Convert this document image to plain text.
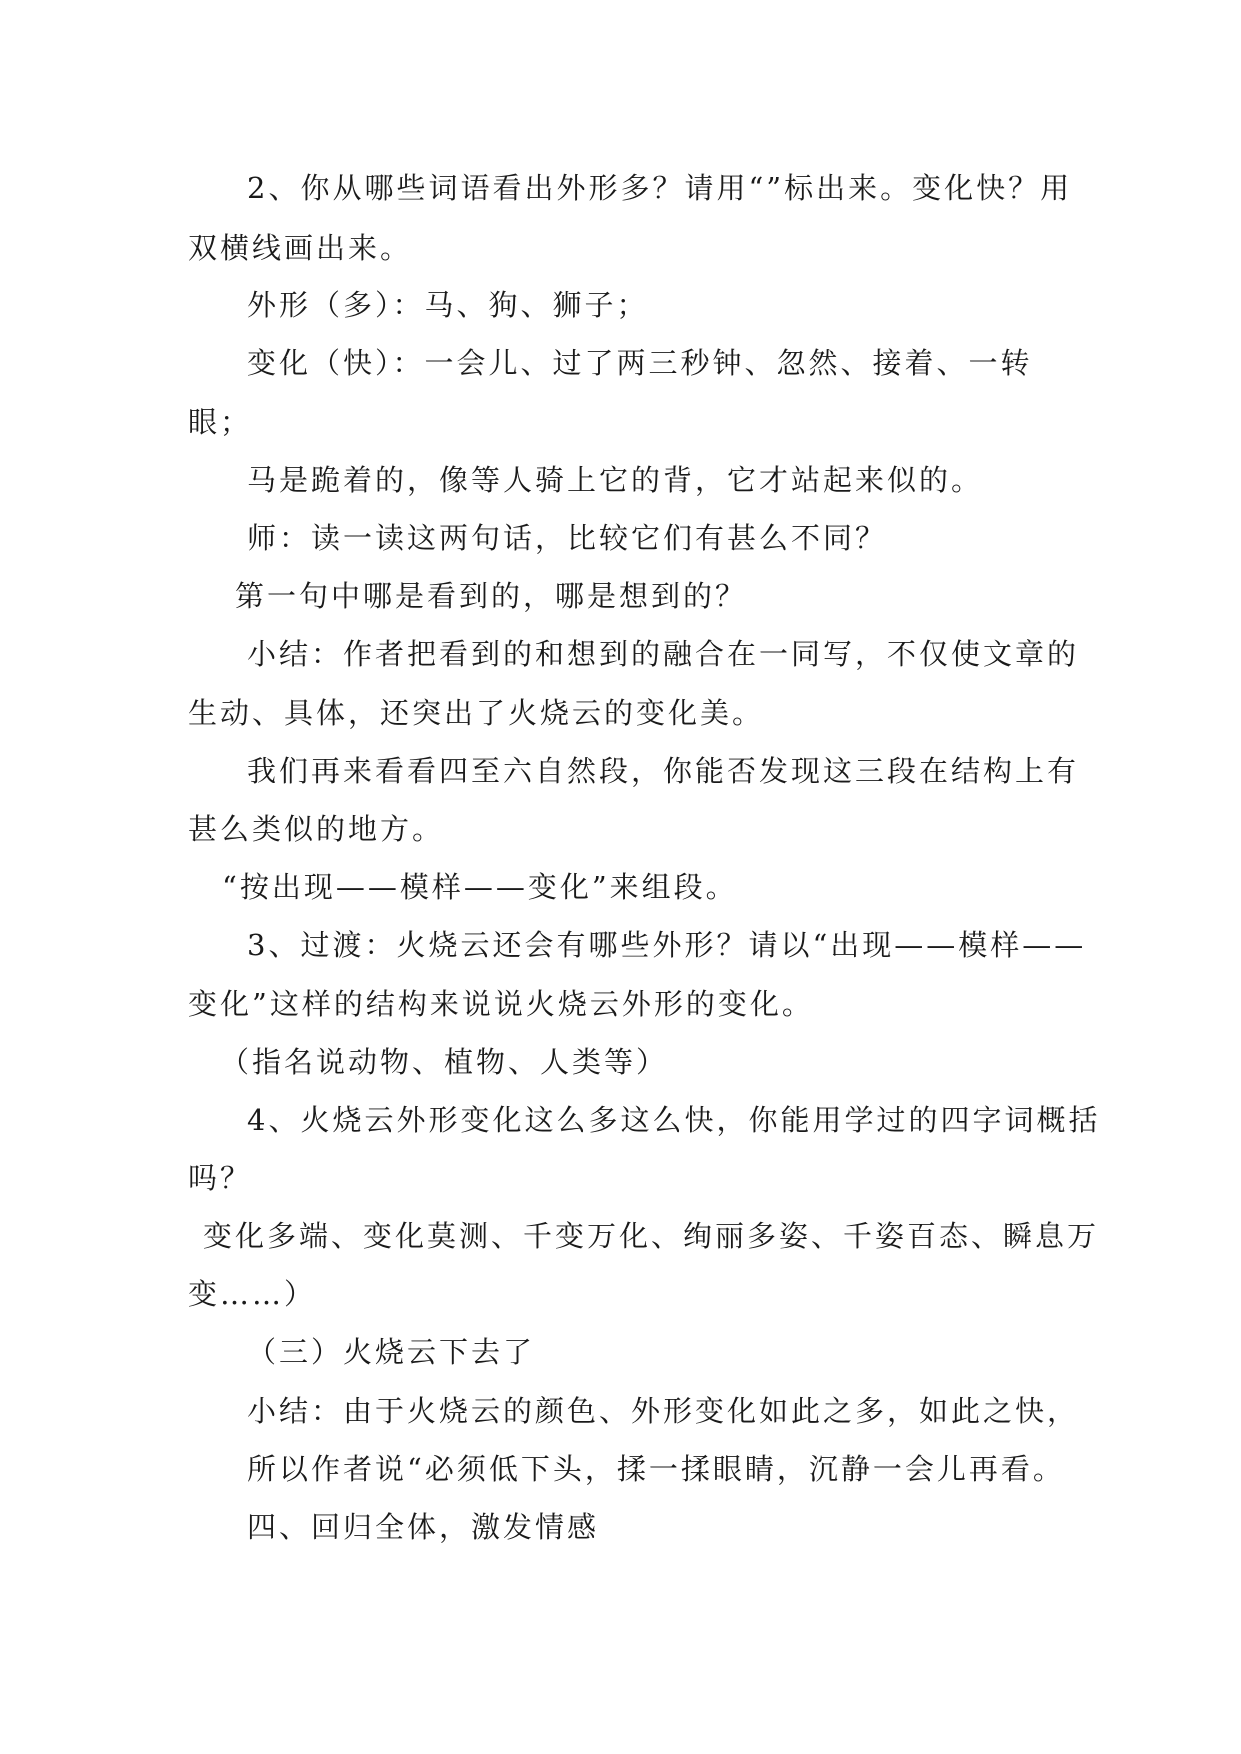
2、你从哪些词语看出外形多？请用“”标出来。变化快？用
双横线画出来。
外形（多）：马、狗、狮子；
变化（快）：一会儿、过了两三秒钟、忽然、接着、一转
眼；
马是跪着的，像等人骑上它的背，它才站起来似的。
师：读一读这两句话，比较它们有甚么不同？
第一句中哪是看到的，哪是想到的？
小结：作者把看到的和想到的融合在一同写，不仅使文章的
生动、具体，还突出了火烧云的变化美。
我们再来看看四至六自然段，你能否发现这三段在结构上有
甚么类似的地方。
“按出现——模样——变化”来组段。
3、过渡：火烧云还会有哪些外形？请以“出现——模样——
变化”这样的结构来说说火烧云外形的变化。
（指名说动物、植物、人类等）
4、火烧云外形变化这么多这么快，你能用学过的四字词概括
吗？
变化多端、变化莫测、千变万化、绚丽多姿、千姿百态、瞬息万
变……）
（三）火烧云下去了
小结：由于火烧云的颜色、外形变化如此之多，如此之快，
所以作者说“必须低下头，揉一揉眼睛，沉静一会儿再看。
四、回归全体，激发情感
